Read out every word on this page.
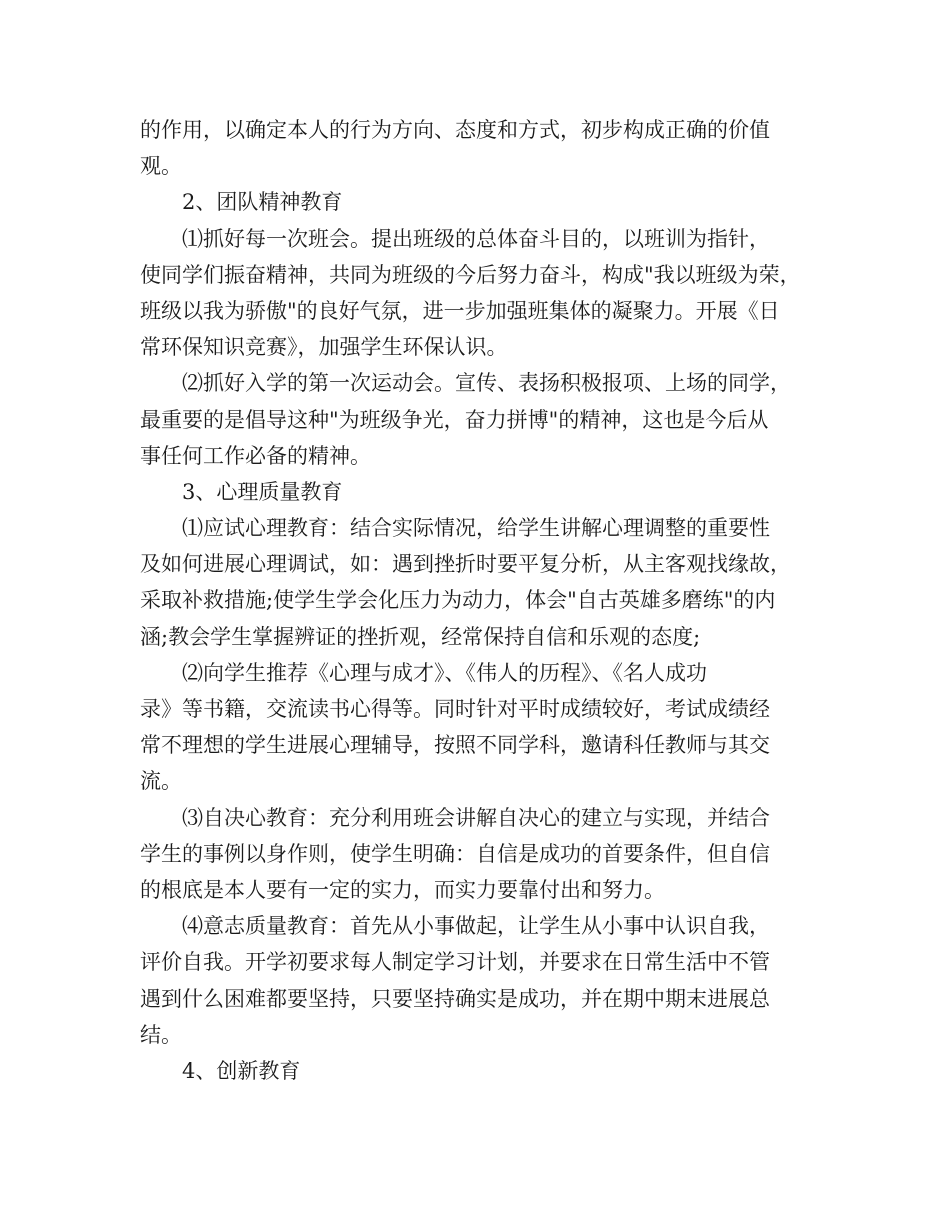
的作用，以确定本人的行为方向、态度和方式，初步构成正确的价值
观。
2、团队精神教育
⑴抓好每一次班会。提出班级的总体奋斗目的，以班训为指针，
使同学们振奋精神，共同为班级的今后努力奋斗，构成"我以班级为荣，
班级以我为骄傲"的良好气氛，进一步加强班集体的凝聚力。开展《日
常环保知识竞赛》，加强学生环保认识。
⑵抓好入学的第一次运动会。宣传、表扬积极报项、上场的同学，
最重要的是倡导这种"为班级争光，奋力拼博"的精神，这也是今后从
事任何工作必备的精神。
3、心理质量教育
⑴应试心理教育：结合实际情况，给学生讲解心理调整的重要性
及如何进展心理调试，如：遇到挫折时要平复分析，从主客观找缘故，
采取补救措施;使学生学会化压力为动力，体会"自古英雄多磨练"的内
涵;教会学生掌握辨证的挫折观，经常保持自信和乐观的态度;
⑵向学生推荐《心理与成才》、《伟人的历程》、《名人成功
录》等书籍，交流读书心得等。同时针对平时成绩较好，考试成绩经
常不理想的学生进展心理辅导，按照不同学科，邀请科任教师与其交
流。
⑶自决心教育：充分利用班会讲解自决心的建立与实现，并结合
学生的事例以身作则，使学生明确：自信是成功的首要条件，但自信
的根底是本人要有一定的实力，而实力要靠付出和努力。
⑷意志质量教育：首先从小事做起，让学生从小事中认识自我，
评价自我。开学初要求每人制定学习计划，并要求在日常生活中不管
遇到什么困难都要坚持，只要坚持确实是成功，并在期中期末进展总
结。
4、创新教育
